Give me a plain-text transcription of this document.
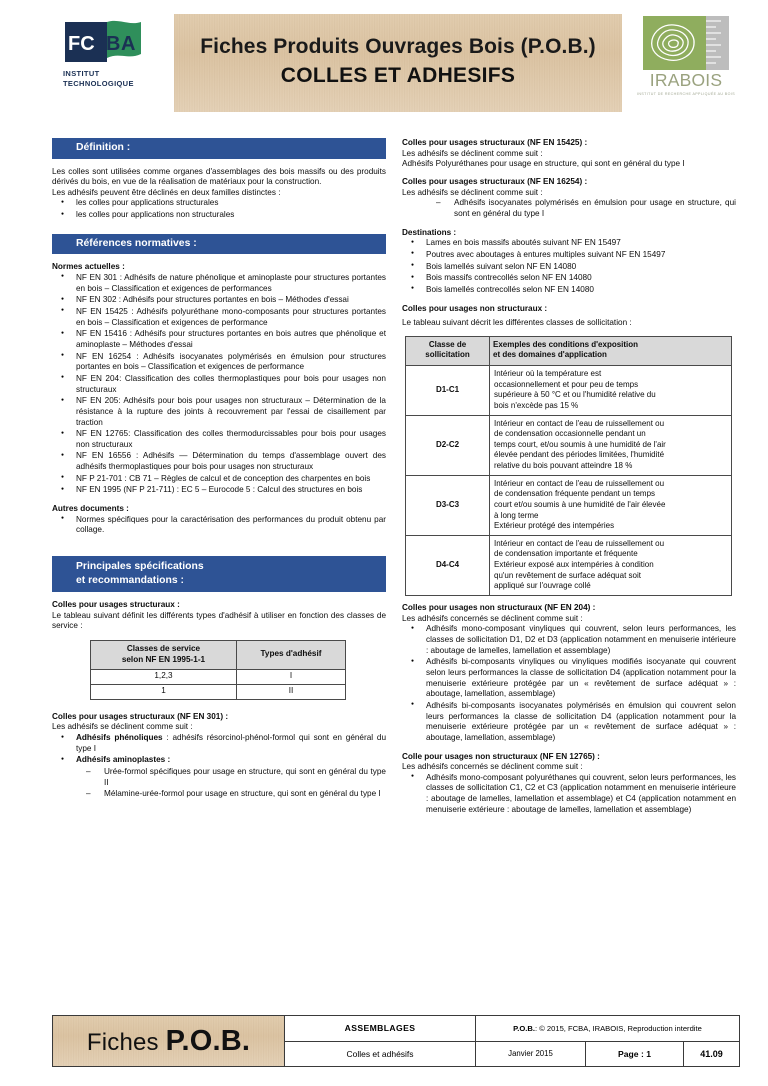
FC B A
INSTITUT
TECHNOLOGIQUE
Fiches Produits Ouvrages Bois (P.O.B.)
COLLES ET ADHESIFS	IRABOIS
INSTITUT DE RECHERCHE APPLIQUÉE AU BOIS
Définition :

Les colles sont utilisées comme organes d'assemblages des bois massifs ou des produits dérivés du bois, en vue de la réalisation de matériaux pour la construction.

Les adhésifs peuvent être déclinés en deux familles distinctes :

● les colles pour applications structurales
● les colles pour applications non structurales
Références normatives :

Normes actuelles :

● NF EN 301 : Adhésifs de nature phénolique et aminoplaste pour structures portantes en bois – Classification et exigences de performances
● NF EN 302 : Adhésifs pour structures portantes en bois – Méthodes d'essai
● NF EN 15425 : Adhésifs polyuréthane mono-composants pour structures portantes en bois – Classification et exigences de performance
● NF EN 15416 : Adhésifs pour structures portantes en bois autres que phénolique et aminoplaste – Méthodes d'essai
● NF EN 16254 : Adhésifs isocyanates polymérisés en émulsion pour structures portantes en bois – Classification et exigences de performance
● NF EN 204: Classification des colles thermoplastiques pour bois pour usages non structuraux
● NF EN 205: Adhésifs pour bois pour usages non structuraux – Détermination de la résistance à la rupture des joints à recouvrement par l'essai de cisaillement par traction
● NF EN 12765: Classification des colles thermodurcissables pour bois pour usages non structuraux
● NF EN 16556 : Adhésifs — Détermination du temps d'assemblage ouvert des adhésifs thermoplastiques pour bois pour usages non structuraux
● NF P 21-701 : CB 71 – Règles de calcul et de conception des charpentes en bois
● NF EN 1995 (NF P 21-711) : EC 5 – Eurocode 5 : Calcul des structures en bois

Autres documents :

● Normes spécifiques pour la caractérisation des performances du produit obtenu par collage.
Principales spécifications
et recommandations :

Colles pour usages structuraux :

Le tableau suivant définit les différents types d'adhésif à utiliser en fonction des classes de service :

Classes de service
selon NF EN 1995-1-1	Types d'adhésif
1,2,3	I
1	II

Colles pour usages structuraux (NF EN 301) :

Les adhésifs se déclinent comme suit :

● Adhésifs phénoliques : adhésifs résorcinol-phénol-formol qui sont en général du type I
● Adhésifs aminoplastes :
– Urée-formol spécifiques pour usage en structure, qui sont en général du type II
– Mélamine-urée-formol pour usage en structure, qui sont en général du type I

Colles pour usages structuraux (NF EN 15425) :

Les adhésifs se déclinent comme suit :

Adhésifs Polyuréthanes pour usage en structure, qui sont en général du type I

Colles pour usages structuraux (NF EN 16254) :

Les adhésifs se déclinent comme suit :

– Adhésifs isocyanates polymérisés en émulsion pour usage en structure, qui sont en général du type I

Destinations :

● Lames en bois massifs aboutés suivant NF EN 15497
● Poutres avec aboutages à entures multiples suivant NF EN 15497
● Bois lamellés suivant selon NF EN 14080
● Bois massifs contrecollés selon NF EN 14080
● Bois lamellés contrecollés selon NF EN 14080

Colles pour usages non structuraux :

Le tableau suivant décrit les différentes classes de sollicitation :

Classe de
sollicitation	Exemples des conditions d'exposition
et des domaines d'application
D1-C1	Intérieur où la température est
occasionnellement et pour peu de temps
supérieure à 50 °C et ou l'humidité relative du
bois n'excède pas 15 %
D2-C2	Intérieur en contact de l'eau de ruissellement ou
de condensation occasionnelle pendant un
temps court, et/ou soumis à une humidité de l'air
élevée pendant des périodes limitées, l'humidité
relative du bois pouvant atteindre 18 %
D3-C3	Intérieur en contact de l'eau de ruissellement ou
de condensation fréquente pendant un temps
court et/ou soumis à une humidité de l'air élevée
à long terme
Extérieur protégé des intempéries
D4-C4	Intérieur en contact de l'eau de ruissellement ou
de condensation importante et fréquente
Extérieur exposé aux intempéries à condition
qu'un revêtement de surface adéquat soit
appliqué sur l'ouvrage collé

Colles pour usages non structuraux (NF EN 204) :

Les adhésifs concernés se déclinent comme suit :

● Adhésifs mono-composant vinyliques qui couvrent, selon leurs performances, les classes de sollicitation D1, D2 et D3 (application notamment en menuiserie intérieure : aboutage de lamelles, lamellation et assemblage)
● Adhésifs bi-composants vinyliques ou vinyliques modifiés isocyanate qui couvrent selon leurs performances la classe de sollicitation D4 (application notamment pour la menuiserie extérieure protégée par un « revêtement de surface adéquat » : aboutage, lamellation, assemblage)
● Adhésifs bi-composants isocyanates polymérisés en émulsion qui couvrent selon leurs performances la classe de sollicitation D4 (application notamment pour la menuiserie extérieure protégée par un « revêtement de surface adéquat » : aboutage, lamellation, assemblage)

Colle pour usages non structuraux (NF EN 12765) :

Les adhésifs concernés se déclinent comme suit :

● Adhésifs mono-composant polyuréthanes qui couvrent, selon leurs performances, les classes de sollicitation C1, C2 et C3 (application notamment en menuiserie intérieure : aboutage de lamelles, lamellation et assemblage) et C4 (application notamment en menuiserie extérieure : aboutage de lamelles, lamellation et assemblage)
Fiches P.O.B.	ASSEMBLAGES	P.O.B. : © 2015, FCBA, IRABOIS, Reproduction interdite
Colles et adhésifs	Janvier 2015	Page : 1	41.09
